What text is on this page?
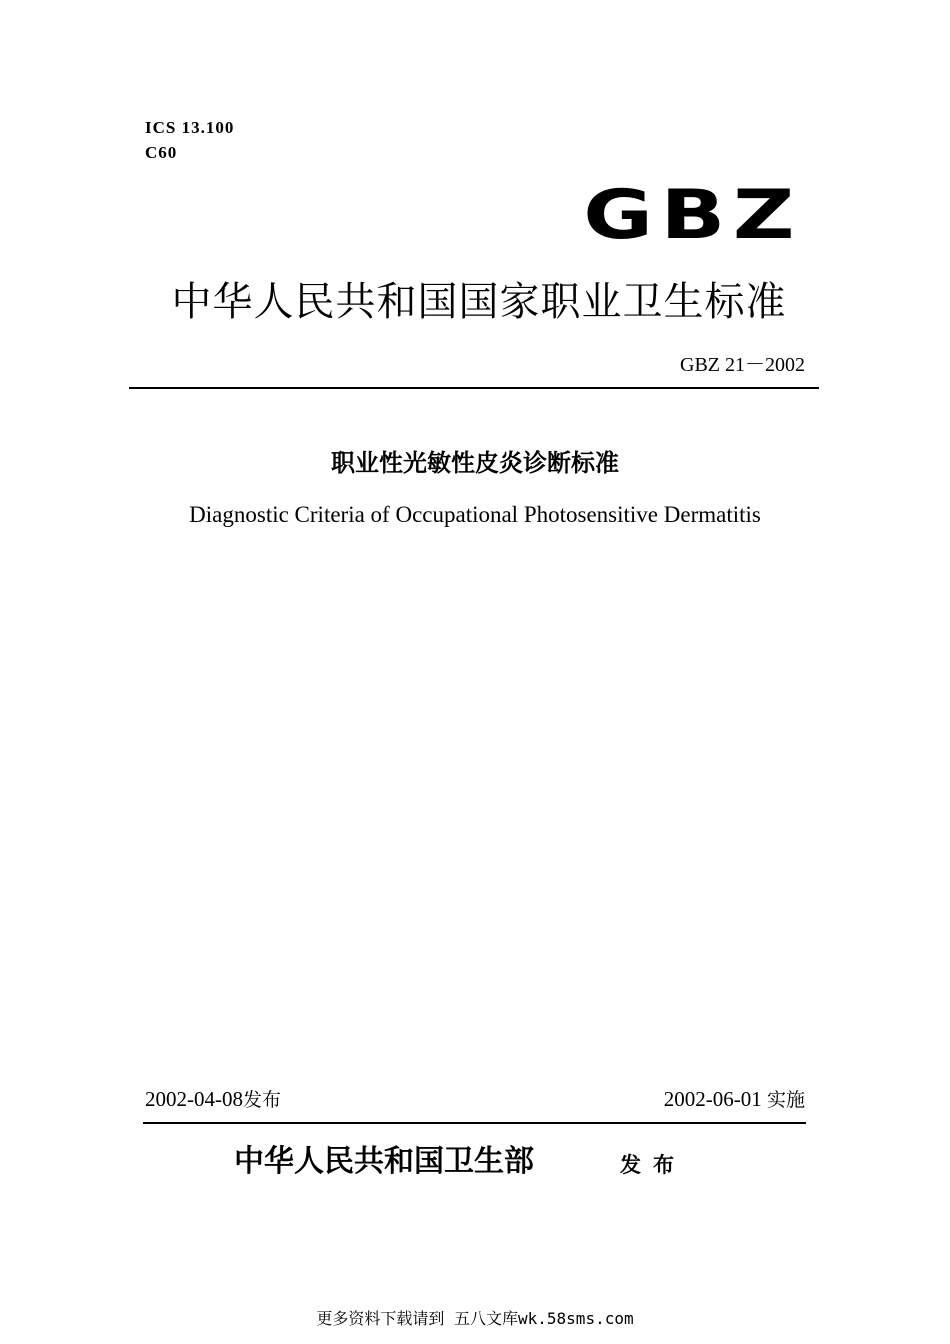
ICS 13.100
C60
GBZ
中华人民共和国国家职业卫生标准
GBZ 21－2002
职业性光敏性皮炎诊断标准
Diagnostic Criteria of Occupational Photosensitive Dermatitis
2002-04-08发布	2002-06-01 实施
中华人民共和国卫生部	发布
更多资料下载请到 五八文库wk.58sms.com
